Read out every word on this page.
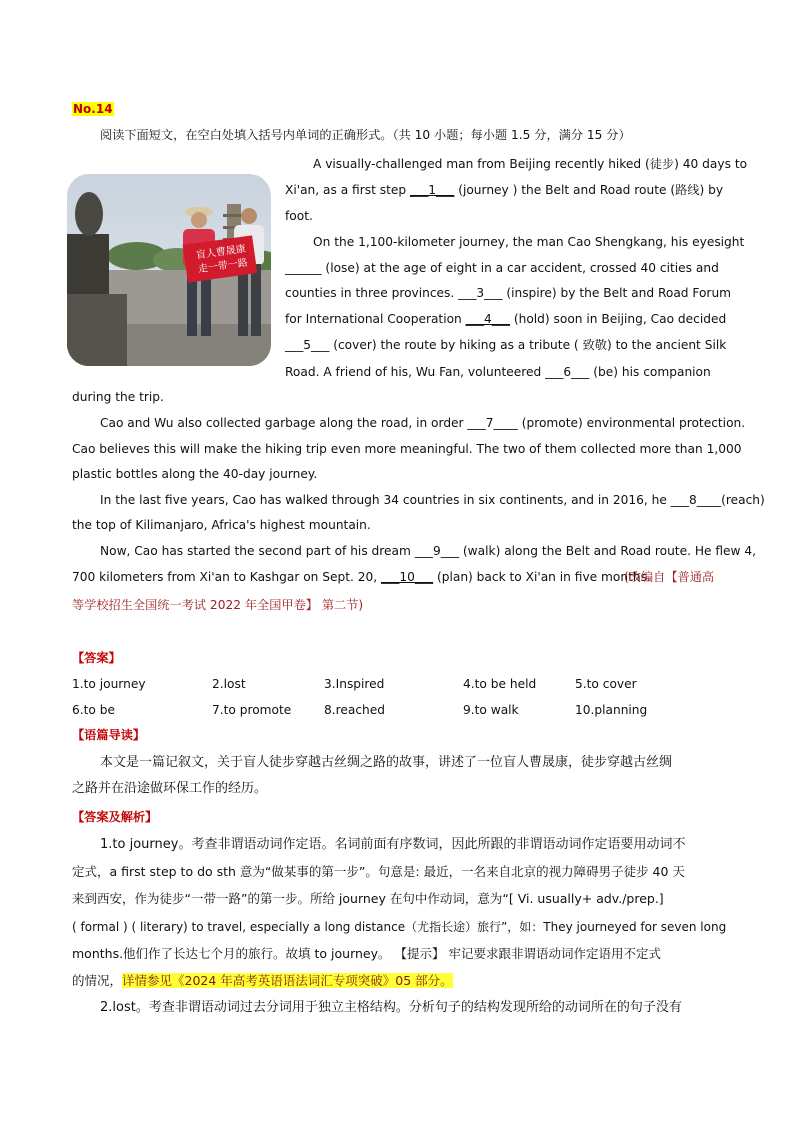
No.14
阅读下面短文，在空白处填入括号内单词的正确形式。（共 10 小题；每小题 1.5 分，满分 15 分）
盲人曹晟康
走一带一路
A visually-challenged man from Beijing recently hiked (徒步) 40 days to
Xi'an, as a first step ___1___ (journey ) the Belt and Road route (路线) by
foot.
On the 1,100-kilometer journey, the man Cao Shengkang, his eyesight
______ (lose) at the age of eight in a car accident, crossed 40 cities and
counties in three provinces. ___3___ (inspire) by the Belt and Road Forum
for International Cooperation ___4___ (hold) soon in Beijing, Cao decided
___5___ (cover) the route by hiking as a tribute ( 致敬) to the ancient Silk
Road. A friend of his, Wu Fan, volunteered ___6___ (be) his companion
during the trip.
Cao and Wu also collected garbage along the road, in order ___7____ (promote) environmental protection.
Cao believes this will make the hiking trip even more meaningful. The two of them collected more than 1,000
plastic bottles along the 40-day journey.
In the last five years, Cao has walked through 34 countries in six continents, and in 2016, he ___8____(reach)
the top of Kilimanjaro, Africa's highest mountain.
Now, Cao has started the second part of his dream ___9___ (walk) along the Belt and Road route. He flew 4,
700 kilometers from Xi'an to Kashgar on Sept. 20, ___10___ (plan) back to Xi'an in five months.
(改编自【普通高
等学校招生全国统一考试 2022 年全国甲卷】 第二节)
【答案】
1.to journey	2.lost	3.Inspired	4.to be held	5.to cover
6.to be	7.to promote	8.reached	9.to walk	10.planning
【语篇导读】
本文是一篇记叙文，关于盲人徒步穿越古丝绸之路的故事，讲述了一位盲人曹晟康，徒步穿越古丝绸
之路并在沿途做环保工作的经历。
【答案及解析】
1.to journey。考查非谓语动词作定语。名词前面有序数词，因此所跟的非谓语动词作定语要用动词不
定式，a first step to do sth 意为“做某事的第一步”。句意是: 最近，一名来自北京的视力障碍男子徒步 40 天
来到西安，作为徒步“一带一路”的第一步。所给 journey 在句中作动词，意为“[ Vi. usually+ adv./prep.]
( formal ) ( literary) to travel, especially a long distance（尤指长途）旅行”，如：They journeyed for seven long
months.他们作了长达七个月的旅行。故填 to journey。 【提示】 牢记要求跟非谓语动词作定语用不定式
的情况，详情参见《2024 年高考英语语法词汇专项突破》05 部分。
2.lost。考查非谓语动词过去分词用于独立主格结构。分析句子的结构发现所给的动词所在的句子没有
